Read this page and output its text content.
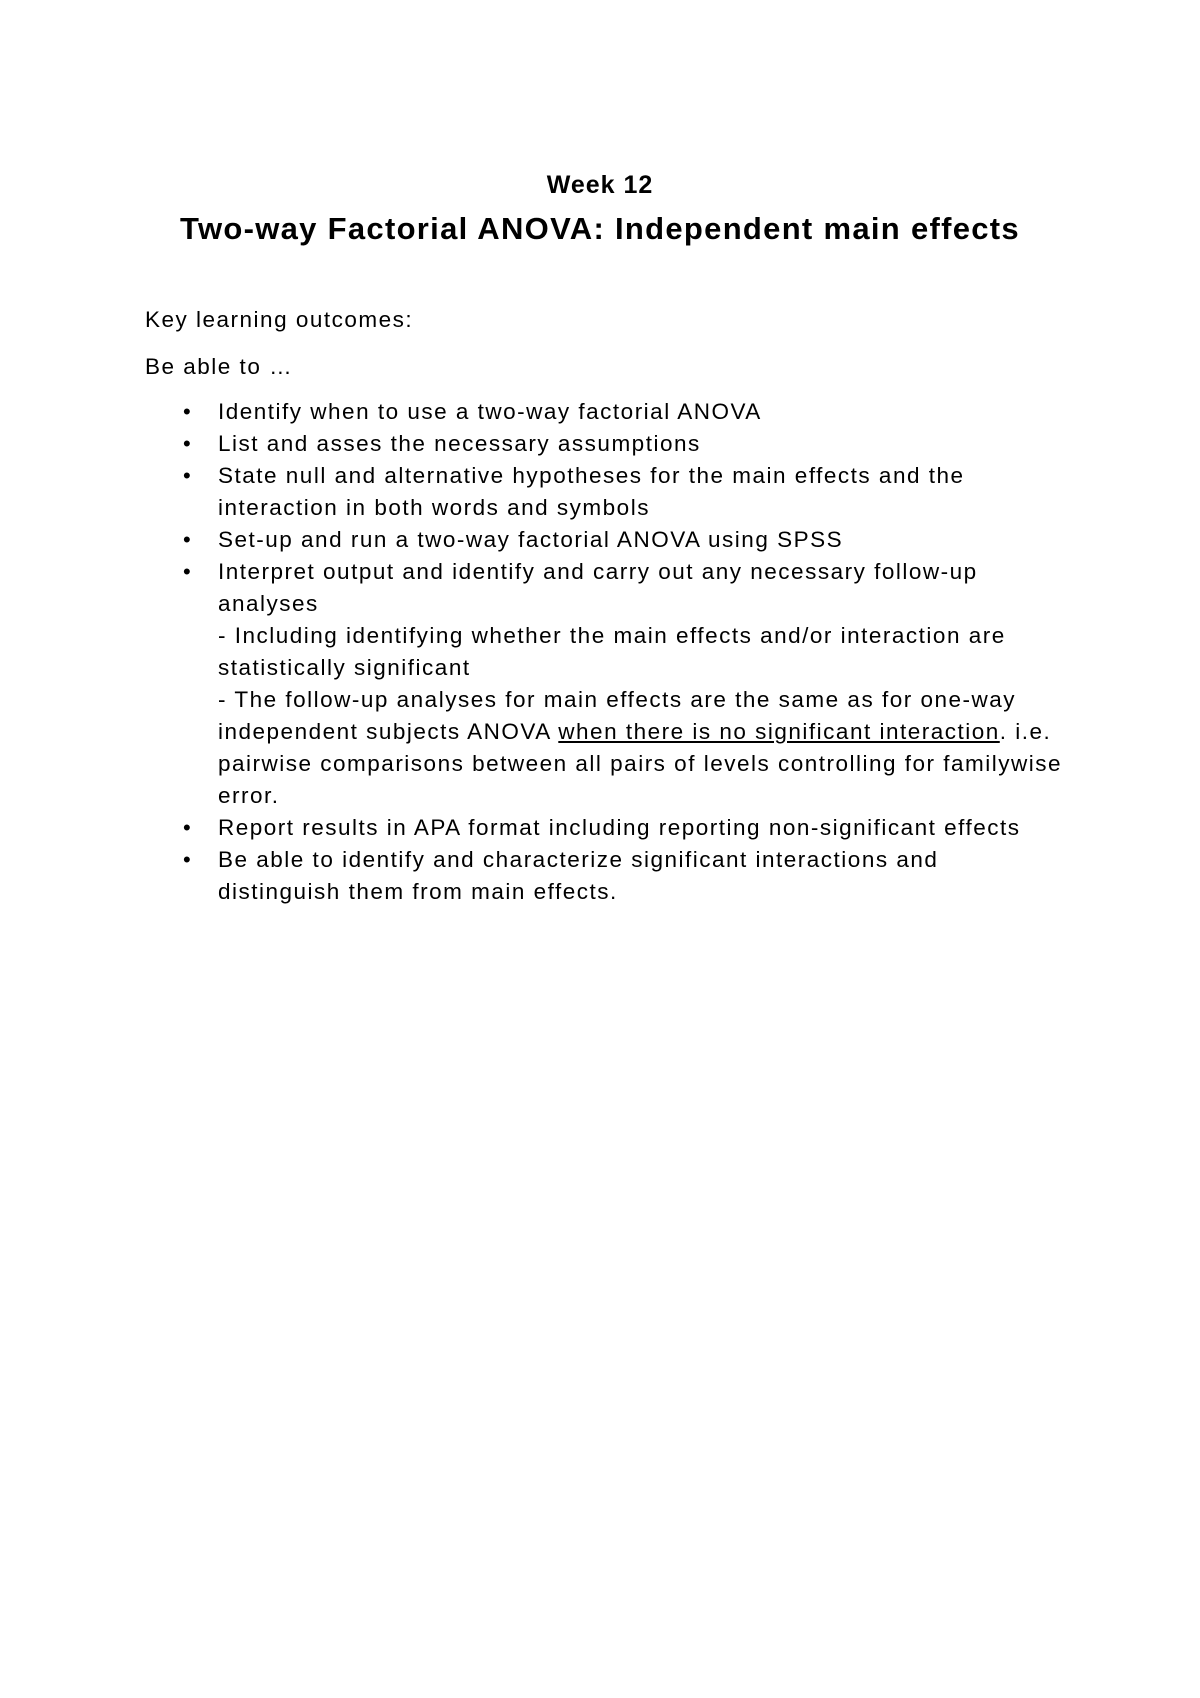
Week 12
Two-way Factorial ANOVA: Independent main effects
Key learning outcomes:
Be able to …
• Identify when to use a two-way factorial ANOVA
• List and asses the necessary assumptions
• State null and alternative hypotheses for the main effects and the interaction in both words and symbols
• Set-up and run a two-way factorial ANOVA using SPSS
• Interpret output and identify and carry out any necessary follow-up analyses
- Including identifying whether the main effects and/or interaction are statistically significant
- The follow-up analyses for main effects are the same as for one-way independent subjects ANOVA when there is no significant interaction. i.e. pairwise comparisons between all pairs of levels controlling for familywise error.
• Report results in APA format including reporting non-significant effects
• Be able to identify and characterize significant interactions and distinguish them from main effects.
